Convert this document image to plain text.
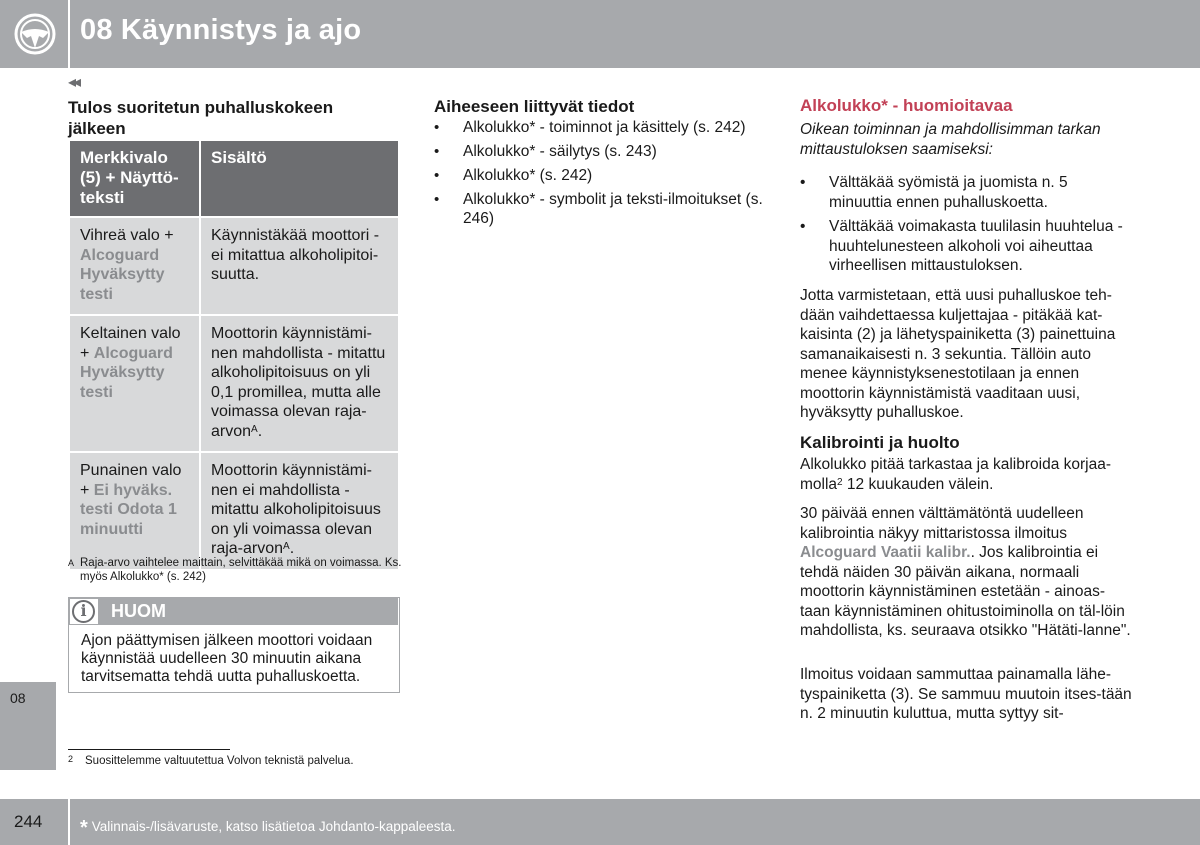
08 Käynnistys ja ajo
08
◂◂
Tulos suoritetun puhalluskokeen jälkeen
Merkkivalo (5) + Näyttö-teksti	Sisältö
Vihreä valo +
Alcoguard Hyväksytty testi	Käynnistäkää moottori - ei mitattua alkoholipitoi-suutta.
Keltainen valo + Alcoguard Hyväksytty testi	Moottorin käynnistämi-nen mahdollista - mitattu alkoholipitoisuus on yli 0,1 promillea, mutta alle voimassa olevan raja-arvon$^A$.
Punainen valo + Ei hyväks. testi Odota 1 minuutti	Moottorin käynnistämi-nen ei mahdollista - mitattu alkoholipitoisuus on yli voimassa olevan raja-arvon$^A$.
A Raja-arvo vaihtelee maittain, selvittäkää mikä on voimassa. Ks. myös Alkolukko* (s. 242)
i	HUOM
Ajon päättymisen jälkeen moottori voidaan käynnistää uudelleen 30 minuutin aikana tarvitsematta tehdä uutta puhalluskoetta.
Aiheeseen liittyvät tiedot
• Alkolukko* - toiminnot ja käsittely (s. 242)
• Alkolukko* - säilytys (s. 243)
• Alkolukko* (s. 242)
• Alkolukko* - symbolit ja teksti-ilmoitukset (s. 246)
Alkolukko* - huomioitavaa
Oikean toiminnan ja mahdollisimman tarkan mittaustuloksen saamiseksi:
• Välttäkää syömistä ja juomista n. 5 minuuttia ennen puhalluskoetta.
• Välttäkää voimakasta tuulilasin huuhtelua - huuhtelunesteen alkoholi voi aiheuttaa virheellisen mittaustuloksen.
Jotta varmistetaan, että uusi puhalluskoe teh-dään vaihdettaessa kuljettajaa - pitäkää kat-kaisinta (2) ja lähetyspainiketta (3) painettuina samanaikaisesti n. 3 sekuntia. Tällöin auto menee käynnistyksenestotilaan ja ennen moottorin käynnistämistä vaaditaan uusi, hyväksytty puhalluskoe.
Kalibrointi ja huolto
Alkolukko pitää tarkastaa ja kalibroida korjaa-molla$^2$ 12 kuukauden välein.
30 päivää ennen välttämätöntä uudelleen kalibrointia näkyy mittaristossa ilmoitus Alcoguard Vaatii kalibr.. Jos kalibrointia ei tehdä näiden 30 päivän aikana, normaali moottorin käynnistäminen estetään - ainoas-taan käynnistäminen ohitustoiminolla on täl-löin mahdollista, ks. seuraava otsikko "Hätäti-lanne".
Ilmoitus voidaan sammuttaa painamalla lähe-tyspainiketta (3). Se sammuu muutoin itses-tään n. 2 minuutin kuluttua, mutta syttyy sit-
2 Suosittelemme valtuutettua Volvon teknistä palvelua.
244 * Valinnais-/lisävaruste, katso lisätietoa Johdanto-kappaleesta.
